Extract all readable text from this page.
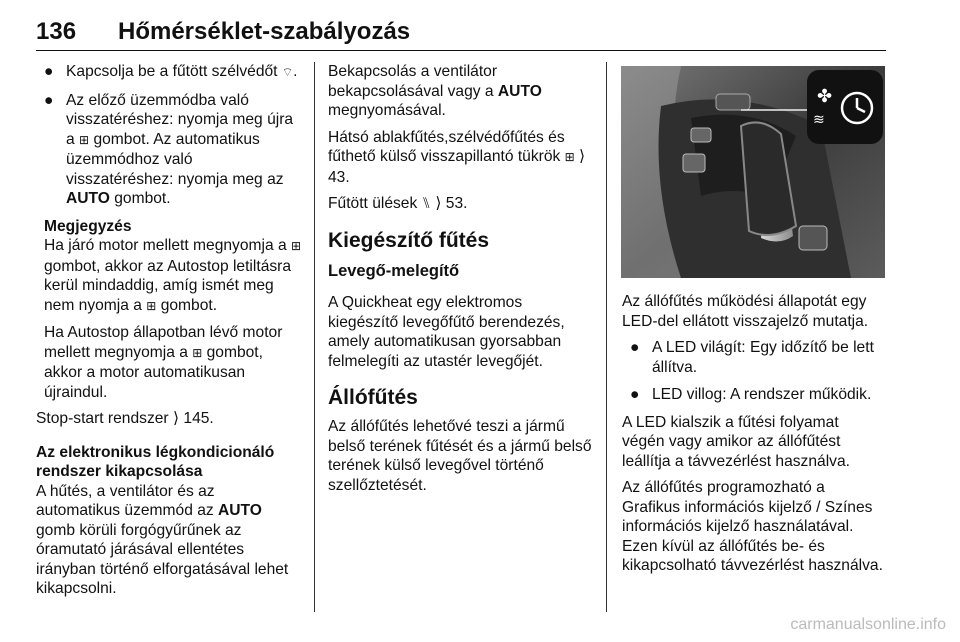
136 Hőmérséklet-szabályozás
● Kapcsolja be a fűtött szélvédőt ⌔.
● Az előző üzemmódba való visszatéréshez: nyomja meg újra a ⊞ gombot. Az automatikus üzemmódhoz való visszatéréshez: nyomja meg az AUTO gombot.

Megjegyzés

Ha járó motor mellett megnyomja a ⊞ gombot, akkor az Autostop letiltásra kerül mindaddig, amíg ismét meg nem nyomja a ⊞ gombot.

Ha Autostop állapotban lévő motor mellett megnyomja a ⊞ gombot, akkor a motor automatikusan újraindul.

Stop-start rendszer ⟩ 145.

Az elektronikus légkondicionáló rendszer kikapcsolása

A hűtés, a ventilátor és az automatikus üzemmód az AUTO gomb körüli forgógyűrűnek az óramutató járásával ellentétes irányban történő elforgatásával lehet kikapcsolni.

Bekapcsolás a ventilátor bekapcsolásával vagy a AUTO megnyomásával.

Hátsó ablakfűtés,szélvédőfűtés és fűthető külső visszapillantó tükrök ⊞ ⟩ 43.

Fűtött ülések ⑊ ⟩ 53.

Kiegészítő fűtés
Levegő-melegítő

A Quickheat egy elektromos kiegészítő levegőfűtő berendezés, amely automatikusan gyorsabban felmelegíti az utastér levegőjét.

Állófűtés

Az állófűtés lehetővé teszi a jármű belső terének fűtését és a jármű belső terének külső levegővel történő szellőztetését.

✤
≋

Az állófűtés működési állapotát egy LED-del ellátott visszajelző mutatja.

● A LED világít: Egy időzítő be lett állítva.
● LED villog: A rendszer működik.

A LED kialszik a fűtési folyamat végén vagy amikor az állófűtést leállítja a távvezérlést használva.

Az állófűtés programozható a Grafikus információs kijelző / Színes információs kijelző használatával. Ezen kívül az állófűtés be- és kikapcsolható távvezérlést használva.

carmanualsonline.info
